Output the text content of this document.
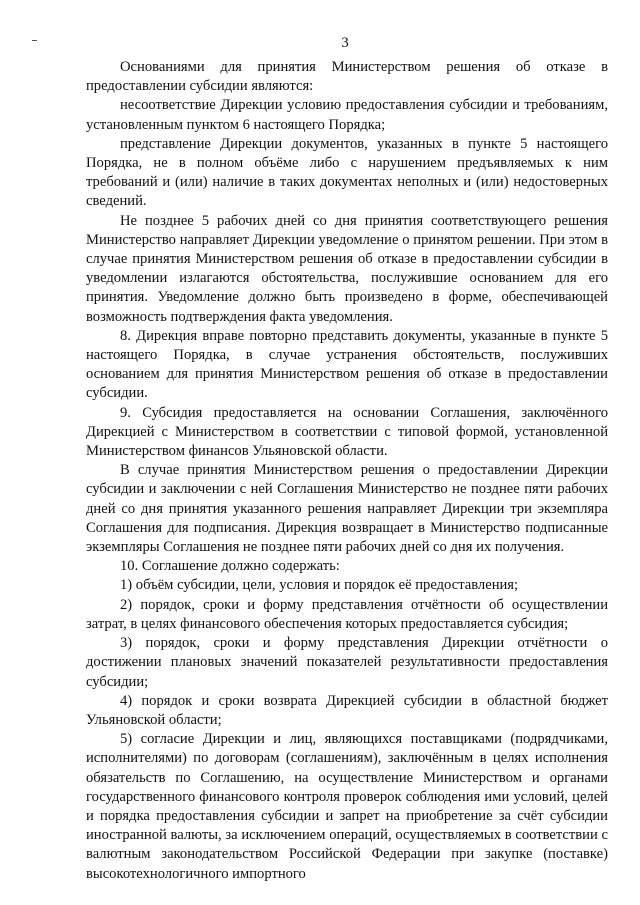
3

Основаниями для принятия Министерством решения об отказе в предоставлении субсидии являются:

несоответствие Дирекции условию предоставления субсидии и требованиям, установленным пунктом 6 настоящего Порядка;

представление Дирекции документов, указанных в пункте 5 настоящего Порядка, не в полном объёме либо с нарушением предъявляемых к ним требований и (или) наличие в таких документах неполных и (или) недостоверных сведений.

Не позднее 5 рабочих дней со дня принятия соответствующего решения Министерство направляет Дирекции уведомление о принятом решении. При этом в случае принятия Министерством решения об отказе в предоставлении субсидии в уведомлении излагаются обстоятельства, послужившие основанием для его принятия. Уведомление должно быть произведено в форме, обеспечивающей возможность подтверждения факта уведомления.

8. Дирекция вправе повторно представить документы, указанные в пункте 5 настоящего Порядка, в случае устранения обстоятельств, послуживших основанием для принятия Министерством решения об отказе в предоставлении субсидии.

9. Субсидия предоставляется на основании Соглашения, заключённого Дирекцией с Министерством в соответствии с типовой формой, установленной Министерством финансов Ульяновской области.

В случае принятия Министерством решения о предоставлении Дирекции субсидии и заключении с ней Соглашения Министерство не позднее пяти рабочих дней со дня принятия указанного решения направляет Дирекции три экземпляра Соглашения для подписания. Дирекция возвращает в Министерство подписанные экземпляры Соглашения не позднее пяти рабочих дней со дня их получения.

10. Соглашение должно содержать:

1) объём субсидии, цели, условия и порядок её предоставления;

2) порядок, сроки и форму представления отчётности об осуществлении затрат, в целях финансового обеспечения которых предоставляется субсидия;

3) порядок, сроки и форму представления Дирекции отчётности о достижении плановых значений показателей результативности предоставления субсидии;

4) порядок и сроки возврата Дирекцией субсидии в областной бюджет Ульяновской области;

5) согласие Дирекции и лиц, являющихся поставщиками (подрядчиками, исполнителями) по договорам (соглашениям), заключённым в целях исполнения обязательств по Соглашению, на осуществление Министерством и органами государственного финансового контроля проверок соблюдения ими условий, целей и порядка предоставления субсидии и запрет на приобретение за счёт субсидии иностранной валюты, за исключением операций, осуществляемых в соответствии с валютным законодательством Российской Федерации при закупке (поставке) высокотехнологичного импортного
